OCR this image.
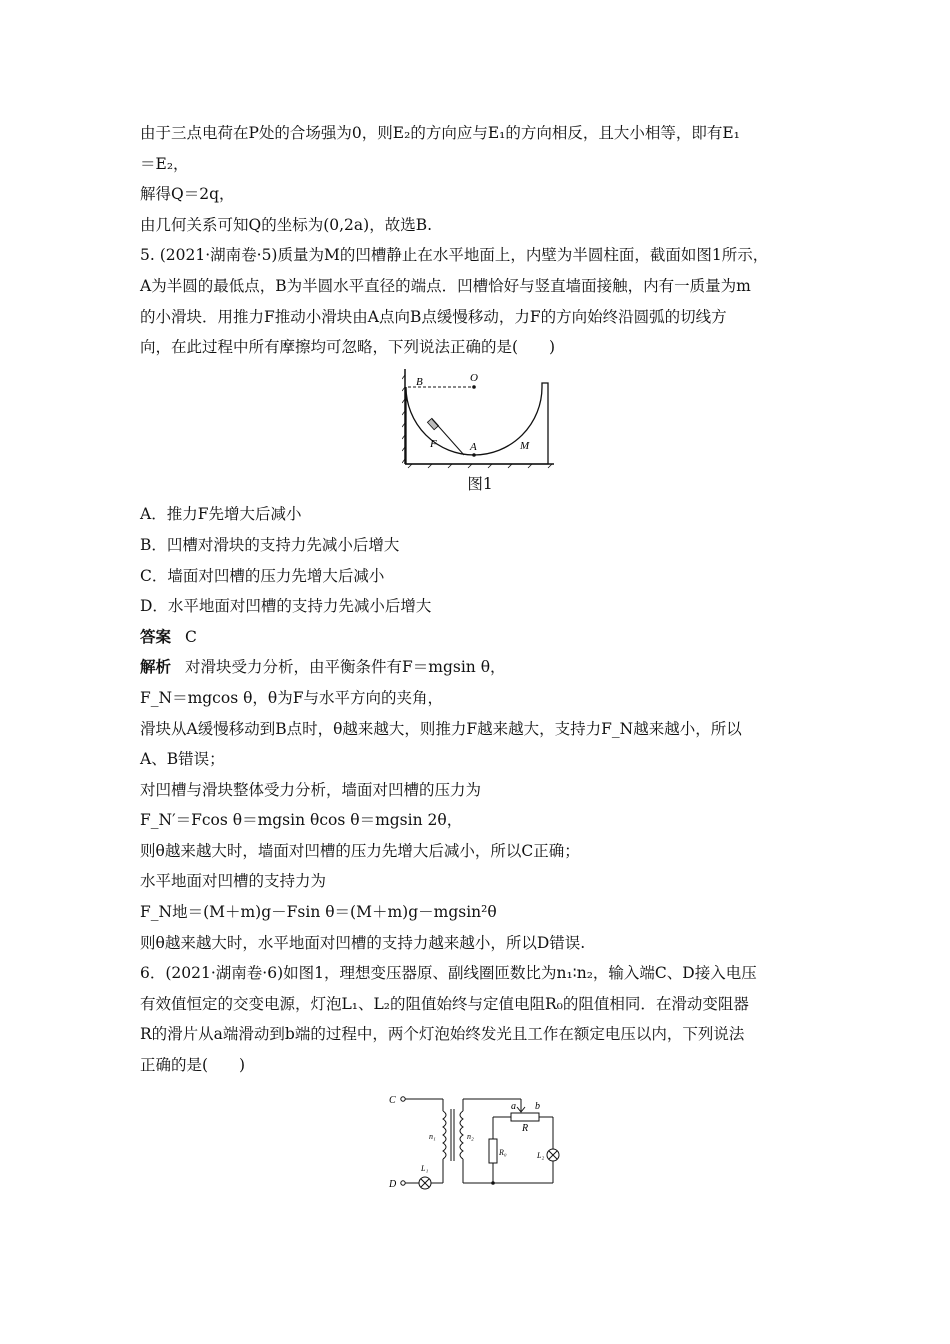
由于三点电荷在P处的合场强为0，则E₂的方向应与E₁的方向相反，且大小相等，即有E₁

＝E₂，

解得Q＝2q，

由几何关系可知Q的坐标为(0,2a)，故选B.

5. (2021·湖南卷·5)质量为M的凹槽静止在水平地面上，内壁为半圆柱面，截面如图1所示，

A为半圆的最低点，B为半圆水平直径的端点．凹槽恰好与竖直墙面接触，内有一质量为m

的小滑块．用推力F推动小滑块由A点向B点缓慢移动，力F的方向始终沿圆弧的切线方

向，在此过程中所有摩擦均可忽略，下列说法正确的是(　　)

B	O
A
F	M

图1

A．推力F先增大后减小

B．凹槽对滑块的支持力先减小后增大

C．墙面对凹槽的压力先增大后减小

D．水平地面对凹槽的支持力先减小后增大

答案 C

解析 对滑块受力分析，由平衡条件有F＝mgsin θ，

F_N＝mgcos θ，θ为F与水平方向的夹角，

滑块从A缓慢移动到B点时，θ越来越大，则推力F越来越大，支持力F_N越来越小，所以

A、B错误；

对凹槽与滑块整体受力分析，墙面对凹槽的压力为

F_N′＝Fcos θ＝mgsin θcos θ＝mgsin 2θ，

则θ越来越大时，墙面对凹槽的压力先增大后减小，所以C正确；

水平地面对凹槽的支持力为

F_N地＝(M＋m)g－Fsin θ＝(M＋m)g－mgsin²θ

则θ越来越大时，水平地面对凹槽的支持力越来越小，所以D错误.

6．(2021·湖南卷·6)如图1，理想变压器原、副线圈匝数比为n₁∶n₂，输入端C、D接入电压

有效值恒定的交变电源，灯泡L₁、L₂的阻值始终与定值电阻R₀的阻值相同．在滑动变阻器

R的滑片从a端滑动到b端的过程中，两个灯泡始终发光且工作在额定电压以内，下列说法

正确的是(　　)

C
D
n₁	n₂
L₁
L₂
R₀
R
a b
